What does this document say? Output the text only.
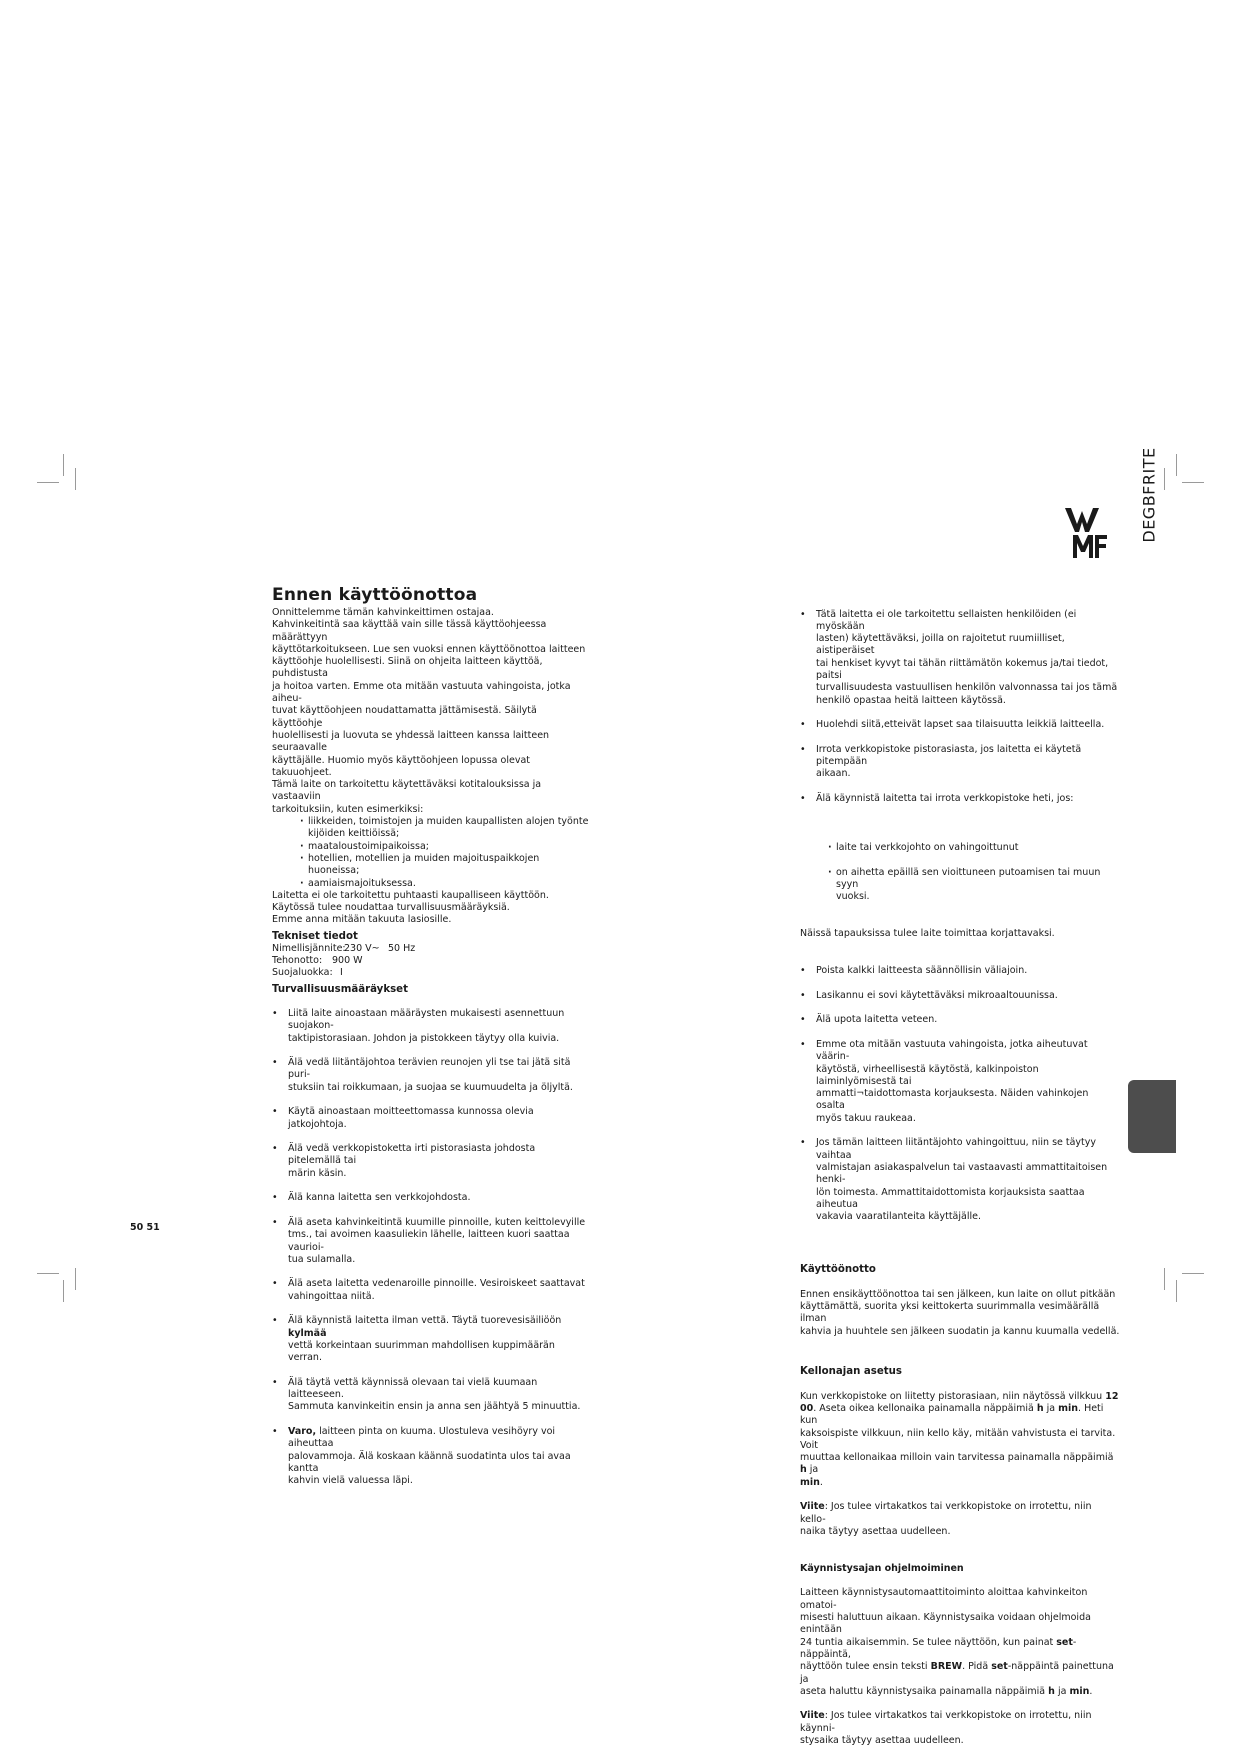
DEGBFRITE
50 51
Ennen käyttöönottoa

Onnittelemme tämän kahvinkeittimen ostajaa.

Kahvinkeitintä saa käyttää vain sille tässä käyttöohjeessa määrättyyn

käyttötarkoitukseen. Lue sen vuoksi ennen käyttöönottoa laitteen

käyttöohje huolellisesti. Siinä on ohjeita laitteen käyttöä, puhdistusta

ja hoitoa varten. Emme ota mitään vastuuta vahingoista, jotka aiheu-

tuvat käyttöohjeen noudattamatta jättämisestä. Säilytä käyttöohje

huolellisesti ja luovuta se yhdessä laitteen kanssa laitteen seuraavalle

käyttäjälle. Huomio myös käyttöohjeen lopussa olevat takuuohjeet.

Tämä laite on tarkoitettu käytettäväksi kotitalouksissa ja vastaaviin

tarkoituksiin, kuten esimerkiksi:

· liikkeiden, toimistojen ja muiden kaupallisten alojen työnte
kijöiden keittiöissä;
· maataloustoimipaikoissa;
· hotellien, motellien ja muiden majoituspaikkojen huoneissa;
· aamiaismajoituksessa.

Laitetta ei ole tarkoitettu puhtaasti kaupalliseen käyttöön.

Käytössä tulee noudattaa turvallisuusmääräyksiä.

Emme anna mitään takuuta lasiosille.

Tekniset tiedot
Nimellisjännite:
230 V~ 50 Hz
Tehonotto:	900 W
Suojaluokka: I
Turvallisuusmääräykset

• Liitä laite ainoastaan määräysten mukaisesti asennettuun suojakon-
taktipistorasiaan. Johdon ja pistokkeen täytyy olla kuivia.

• Älä vedä liitäntäjohtoa terävien reunojen yli tse tai jätä sitä puri-
stuksiin tai roikkumaan, ja suojaa se kuumuudelta ja öljyltä.

• Käytä ainoastaan moitteettomassa kunnossa olevia jatkojohtoja.

• Älä vedä verkkopistoketta irti pistorasiasta johdosta pitelemällä tai
märin käsin.

• Älä kanna laitetta sen verkkojohdosta.

• Älä aseta kahvinkeitintä kuumille pinnoille, kuten keittolevyille
tms., tai avoimen kaasuliekin lähelle, laitteen kuori saattaa vaurioi-
tua sulamalla.

• Älä aseta laitetta vedenaroille pinnoille. Vesiroiskeet saattavat
vahingoittaa niitä.

• Älä käynnistä laitetta ilman vettä. Täytä tuorevesisäiliöön kylmää
vettä korkeintaan suurimman mahdollisen kuppimäärän verran.

• Älä täytä vettä käynnissä olevaan tai vielä kuumaan laitteeseen.
Sammuta kanvinkeitin ensin ja anna sen jäähtyä 5 minuuttia.

• Varo, laitteen pinta on kuuma. Ulostuleva vesihöyry voi aiheuttaa
palovammoja. Älä koskaan käännä suodatinta ulos tai avaa kantta
kahvin vielä valuessa läpi.

• Tätä laitetta ei ole tarkoitettu sellaisten henkilöiden (ei myöskään
lasten) käytettäväksi, joilla on rajoitetut ruumiilliset, aistiperäiset
tai henkiset kyvyt tai tähän riittämätön kokemus ja/tai tiedot, paitsi
turvallisuudesta vastuullisen henkilön valvonnassa tai jos tämä
henkilö opastaa heitä laitteen käytössä.

• Huolehdi siitä,etteivät lapset saa tilaisuutta leikkiä laitteella.

• Irrota verkkopistoke pistorasiasta, jos laitetta ei käytetä pitempään
aikaan.

• Älä käynnistä laitetta tai irrota verkkopistoke heti, jos:

· laite tai verkkojohto on vahingoittunut

· on aihetta epäillä sen vioittuneen putoamisen tai muun syyn
vuoksi.

Näissä tapauksissa tulee laite toimittaa korjattavaksi.

• Poista kalkki laitteesta säännöllisin väliajoin.

• Lasikannu ei sovi käytettäväksi mikroaaltouunissa.

• Älä upota laitetta veteen.

• Emme ota mitään vastuuta vahingoista, jotka aiheutuvat väärin-
käytöstä, virheellisestä käytöstä, kalkinpoiston laiminlyömisestä tai
ammatti¬taidottomasta korjauksesta. Näiden vahinkojen osalta
myös takuu raukeaa.

• Jos tämän laitteen liitäntäjohto vahingoittuu, niin se täytyy vaihtaa
valmistajan asiakaspalvelun tai vastaavasti ammattitaitoisen henki-
lön toimesta. Ammattitaidottomista korjauksista saattaa aiheutua
vakavia vaaratilanteita käyttäjälle.

Käyttöönotto

Ennen ensikäyttöönottoa tai sen jälkeen, kun laite on ollut pitkään
käyttämättä, suorita yksi keittokerta suurimmalla vesimäärällä ilman
kahvia ja huuhtele sen jälkeen suodatin ja kannu kuumalla vedellä.

Kellonajan asetus

Kun verkkopistoke on liitetty pistorasiaan, niin näytössä vilkkuu 12
00. Aseta oikea kellonaika painamalla näppäimiä h ja min. Heti kun
kaksoispiste vilkkuun, niin kello käy, mitään vahvistusta ei tarvita. Voit
muuttaa kellonaikaa milloin vain tarvitessa painamalla näppäimiä h ja
min.

Viite: Jos tulee virtakatkos tai verkkopistoke on irrotettu, niin kello-
naika täytyy asettaa uudelleen.

Käynnistysajan ohjelmoiminen

Laitteen käynnistysautomaattitoiminto aloittaa kahvinkeiton omatoi-
misesti haluttuun aikaan. Käynnistysaika voidaan ohjelmoida enintään
24 tuntia aikaisemmin. Se tulee näyttöön, kun painat set-näppäintä,
näyttöön tulee ensin teksti BREW. Pidä set-näppäintä painettuna ja
aseta haluttu käynnistysaika painamalla näppäimiä h ja min.

Viite: Jos tulee virtakatkos tai verkkopistoke on irrotettu, niin käynni-
stysaika täytyy asettaa uudelleen.
